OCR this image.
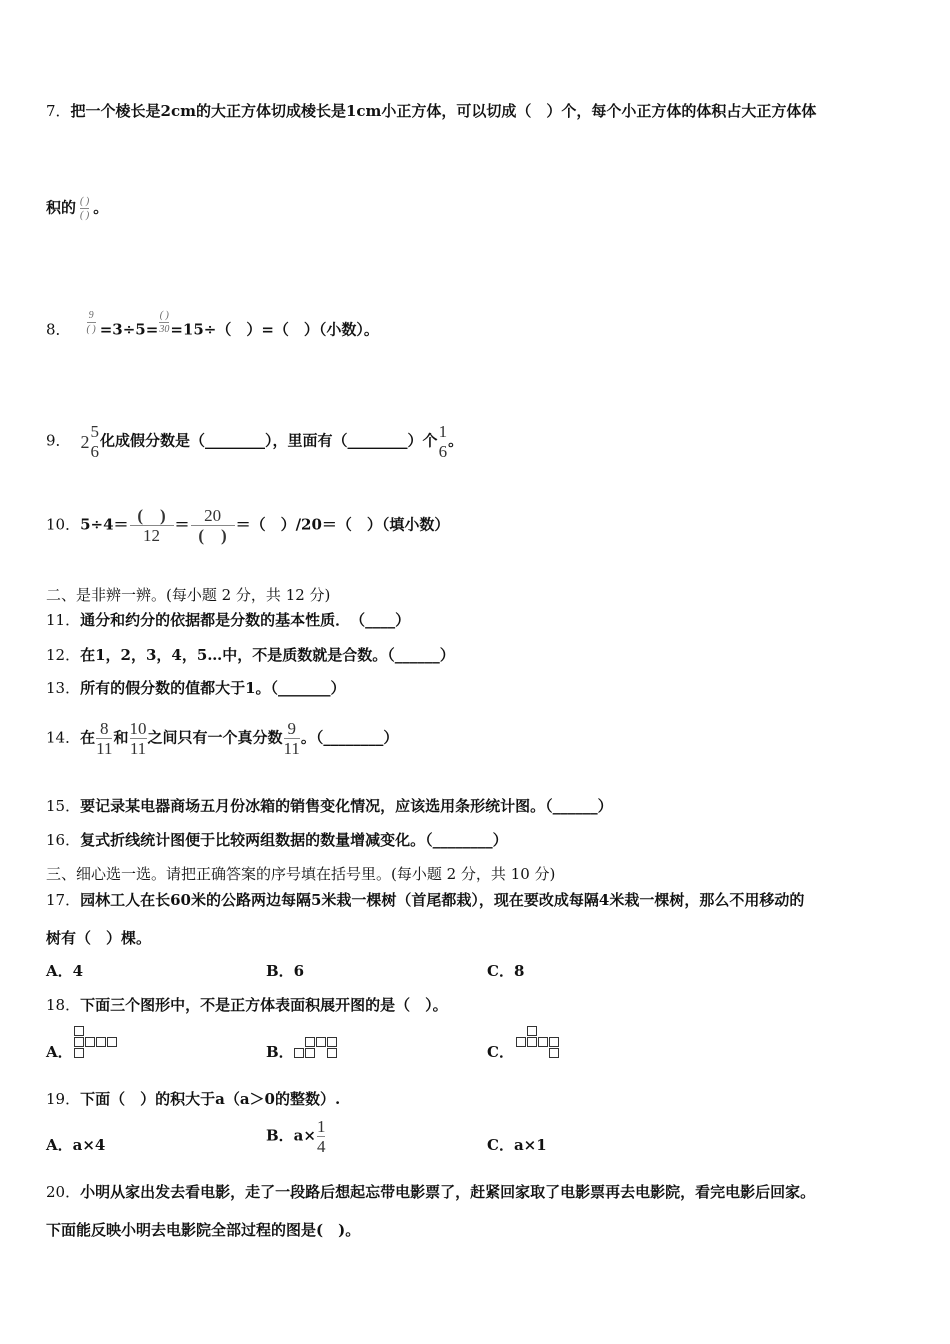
7．把一个棱长是2cm的大正方体切成棱长是1cm小正方体，可以切成（　）个，每个小正方体的体积占大正方体体
积的 $\frac{( )}{( )}$ 。
8． $\frac{9}{( )} =3\div 5= \frac{( )}{30} =15\div$（　）=（　）（小数）。
9． $2 \frac{5}{6}$ 化成假分数是（________），里面有（________）个 $\frac{1}{6}$ 。
10．$5\div 4= \frac{( )}{12} = \frac{20}{( )}$ ＝（　）/20＝（　）（填小数）
二、是非辨一辨。(每小题 2 分，共 12 分)
11．通分和约分的依据都是分数的基本性质．　（____）
12．在1，2，3，4，5…中，不是质数就是合数。（______）
13．所有的假分数的值都大于1。（_______）
14．在 $\frac{8}{11}$ 和 $\frac{10}{11}$ 之间只有一个真分数 $\frac{9}{11}$ 。（________）
15．要记录某电器商场五月份冰箱的销售变化情况，应该选用条形统计图。（______）
16．复式折线统计图便于比较两组数据的数量增减变化。（________）
三、细心选一选。请把正确答案的序号填在括号里。(每小题 2 分，共 10 分)
17．园林工人在长60米的公路两边每隔5米栽一棵树（首尾都栽），现在要改成每隔4米栽一棵树，那么不用移动的
树有（　）棵。
A．4	B．6	C．8
18．下面三个图形中，不是正方体表面积展开图的是（　）。
A．	B．	C．
19．下面（　）的积大于a（a＞0的整数）.
A．a×4
B．$a\times \frac{1}{4}$	C．a×1
20．小明从家出发去看电影，走了一段路后想起忘带电影票了，赶紧回家取了电影票再去电影院，看完电影后回家。
下面能反映小明去电影院全部过程的图是(　)。
